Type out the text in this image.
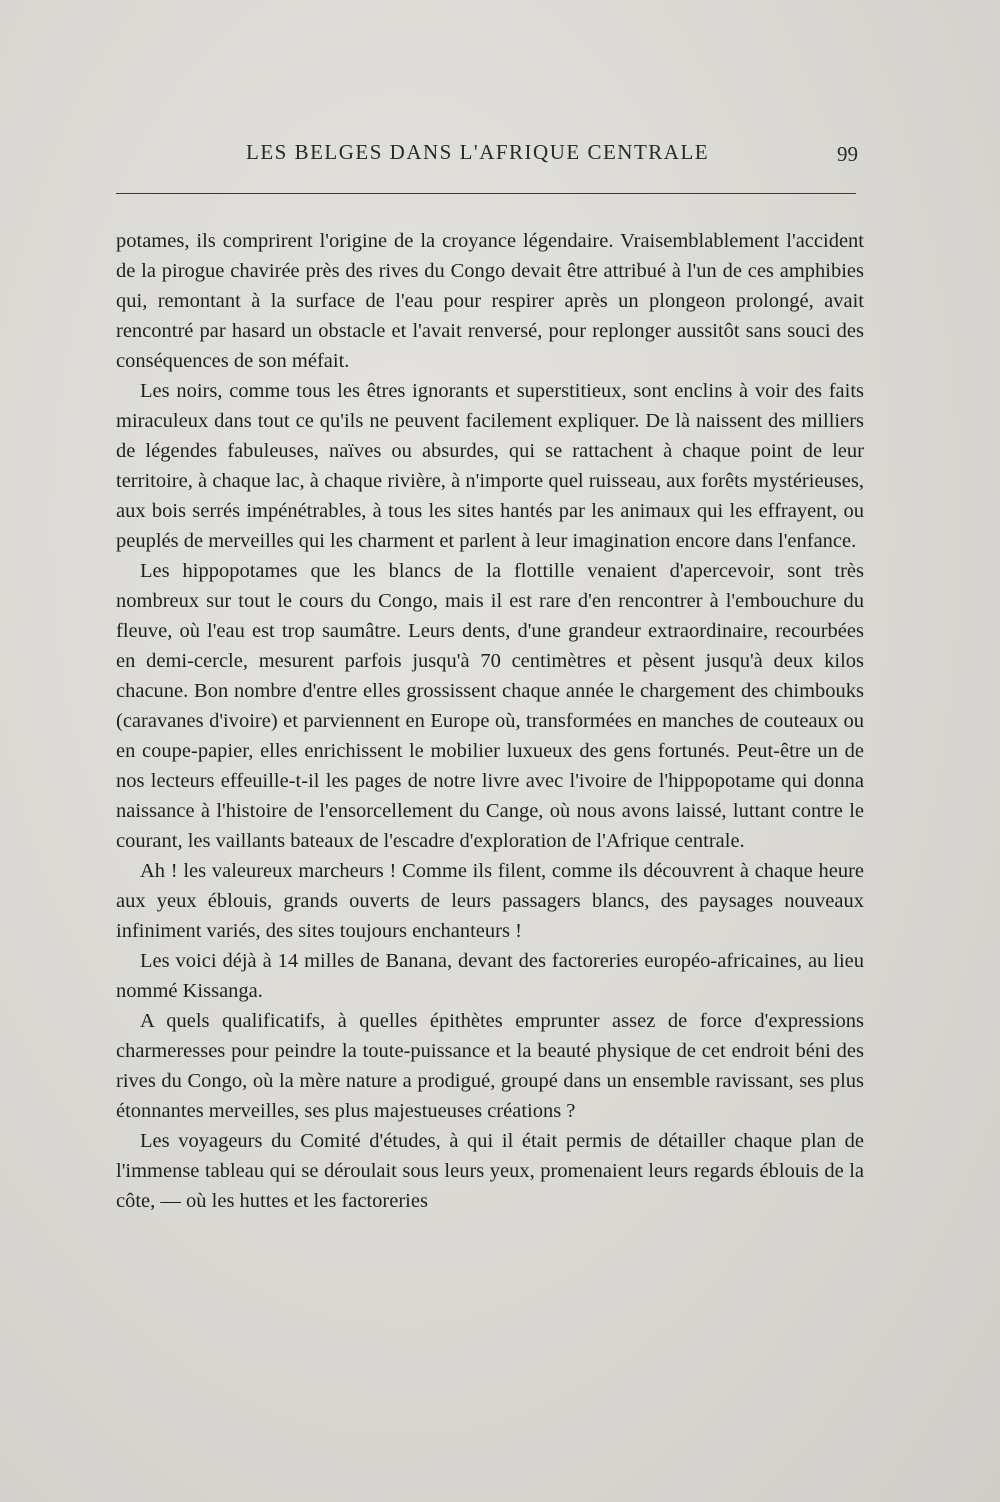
LES BELGES DANS L'AFRIQUE CENTRALE	99

potames, ils comprirent l'origine de la croyance légendaire. Vraisemblablement l'accident de la pirogue chavirée près des rives du Congo devait être attribué à l'un de ces amphibies qui, remontant à la surface de l'eau pour respirer après un plongeon prolongé, avait rencontré par hasard un obstacle et l'avait renversé, pour replonger aussitôt sans souci des conséquences de son méfait.

Les noirs, comme tous les êtres ignorants et superstitieux, sont enclins à voir des faits miraculeux dans tout ce qu'ils ne peuvent facilement expliquer. De là naissent des milliers de légendes fabuleuses, naïves ou absurdes, qui se rattachent à chaque point de leur territoire, à chaque lac, à chaque rivière, à n'importe quel ruisseau, aux forêts mystérieuses, aux bois serrés impénétrables, à tous les sites hantés par les animaux qui les effrayent, ou peuplés de merveilles qui les charment et parlent à leur imagination encore dans l'enfance.

Les hippopotames que les blancs de la flottille venaient d'apercevoir, sont très nombreux sur tout le cours du Congo, mais il est rare d'en rencontrer à l'embouchure du fleuve, où l'eau est trop saumâtre. Leurs dents, d'une grandeur extraordinaire, recourbées en demi-cercle, mesurent parfois jusqu'à 70 centimètres et pèsent jusqu'à deux kilos chacune. Bon nombre d'entre elles grossissent chaque année le chargement des chimbouks (caravanes d'ivoire) et parviennent en Europe où, transformées en manches de couteaux ou en coupe-papier, elles enrichissent le mobilier luxueux des gens fortunés. Peut-être un de nos lecteurs effeuille-t-il les pages de notre livre avec l'ivoire de l'hippopotame qui donna naissance à l'histoire de l'ensorcellement du Cange, où nous avons laissé, luttant contre le courant, les vaillants bateaux de l'escadre d'exploration de l'Afrique centrale.

Ah ! les valeureux marcheurs ! Comme ils filent, comme ils découvrent à chaque heure aux yeux éblouis, grands ouverts de leurs passagers blancs, des paysages nouveaux infiniment variés, des sites toujours enchanteurs !

Les voici déjà à 14 milles de Banana, devant des factoreries européo-africaines, au lieu nommé Kissanga.

A quels qualificatifs, à quelles épithètes emprunter assez de force d'expressions charmeresses pour peindre la toute-puissance et la beauté physique de cet endroit béni des rives du Congo, où la mère nature a prodigué, groupé dans un ensemble ravissant, ses plus étonnantes merveilles, ses plus majestueuses créations ?

Les voyageurs du Comité d'études, à qui il était permis de détailler chaque plan de l'immense tableau qui se déroulait sous leurs yeux, promenaient leurs regards éblouis de la côte, — où les huttes et les factoreries
